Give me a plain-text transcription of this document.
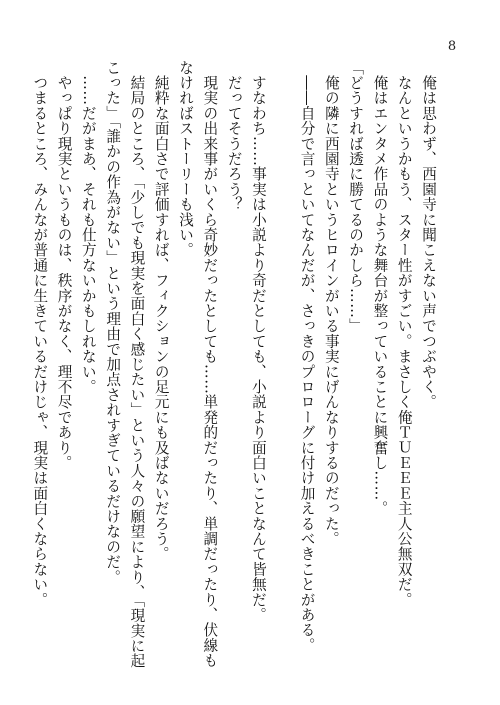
8
　俺は思わず、西園寺に聞こえない声でつぶやく。
　なんというかもう、スター性がすごい。まさしく俺ＴＵＥＥＥ主人公無双だ。
　俺はエンタメ作品のような舞台が整っていることに興奮し……。
「どうすれば透に勝てるのかしら……」
　俺の隣に西園寺というヒロインがいる事実にげんなりするのだった。
　――自分で言っといてなんだが、さっきのプロローグに付け加えるべきことがある。
　すなわち……事実は小説より奇だとしても、小説より面白いことなんて皆無だ。
　だってそうだろう？
　現実の出来事がいくら奇妙だったとしても……単発的だったり、単調だったり、伏線も
なければストーリーも浅い。
　純粋な面白さで評価すれば、フィクションの足元にも及ばないだろう。
　結局のところ、「少しでも現実を面白く感じたい」という人々の願望により、「現実に起
こった」「誰かの作為がない」という理由で加点されすぎているだけなのだ。
　……だがまあ、それも仕方ないかもしれない。
　やっぱり現実というものは、秩序がなく、理不尽であり。
　つまるところ、みんなが普通に生きているだけじゃ、現実は面白くならない。
